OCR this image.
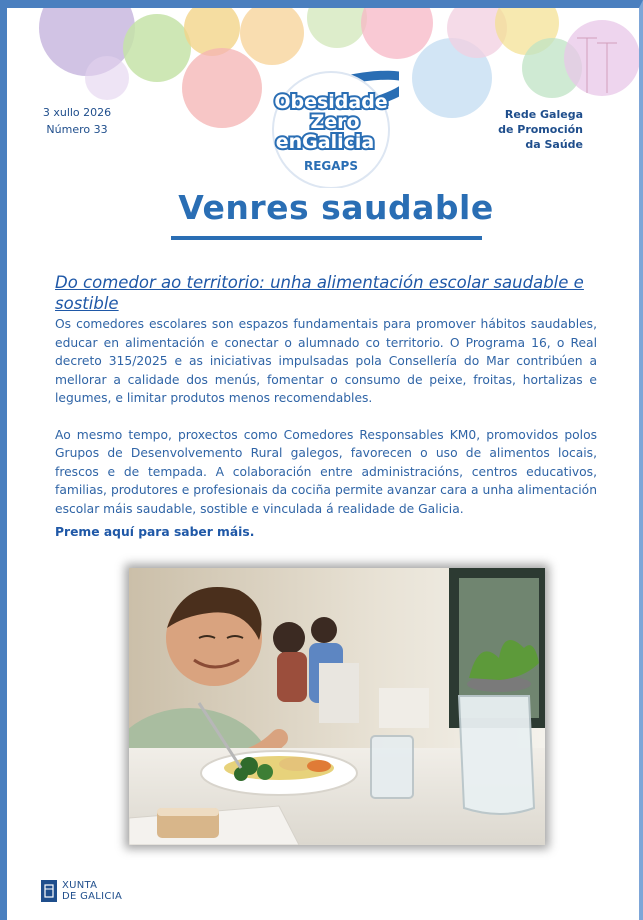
3 xullo 2026
Número 33
Rede Galega
de Promoción
da Saúde
Obesidade
Zero
enGalicia
REGAPS
Venres saudable
Do comedor ao territorio: unha alimentación escolar saudable e sostible

Os comedores escolares son espazos fundamentais para promover hábitos saudables, educar en alimentación e conectar o alumnado co territorio. O Programa 16, o Real decreto 315/2025 e as iniciativas impulsadas pola Consellería do Mar contribúen a mellorar a calidade dos menús, fomentar o consumo de peixe, froitas, hortalizas e legumes, e limitar produtos menos recomendables.

Ao mesmo tempo, proxectos como Comedores Responsables KM0, promovidos polos Grupos de Desenvolvemento Rural galegos, favorecen o uso de alimentos locais, frescos e de tempada. A colaboración entre administracións, centros educativos, familias, produtores e profesionais da cociña permite avanzar cara a unha alimentación escolar máis saudable, sostible e vinculada á realidade de Galicia.

Preme aquí para saber máis.
XUNTA
DE GALICIA
